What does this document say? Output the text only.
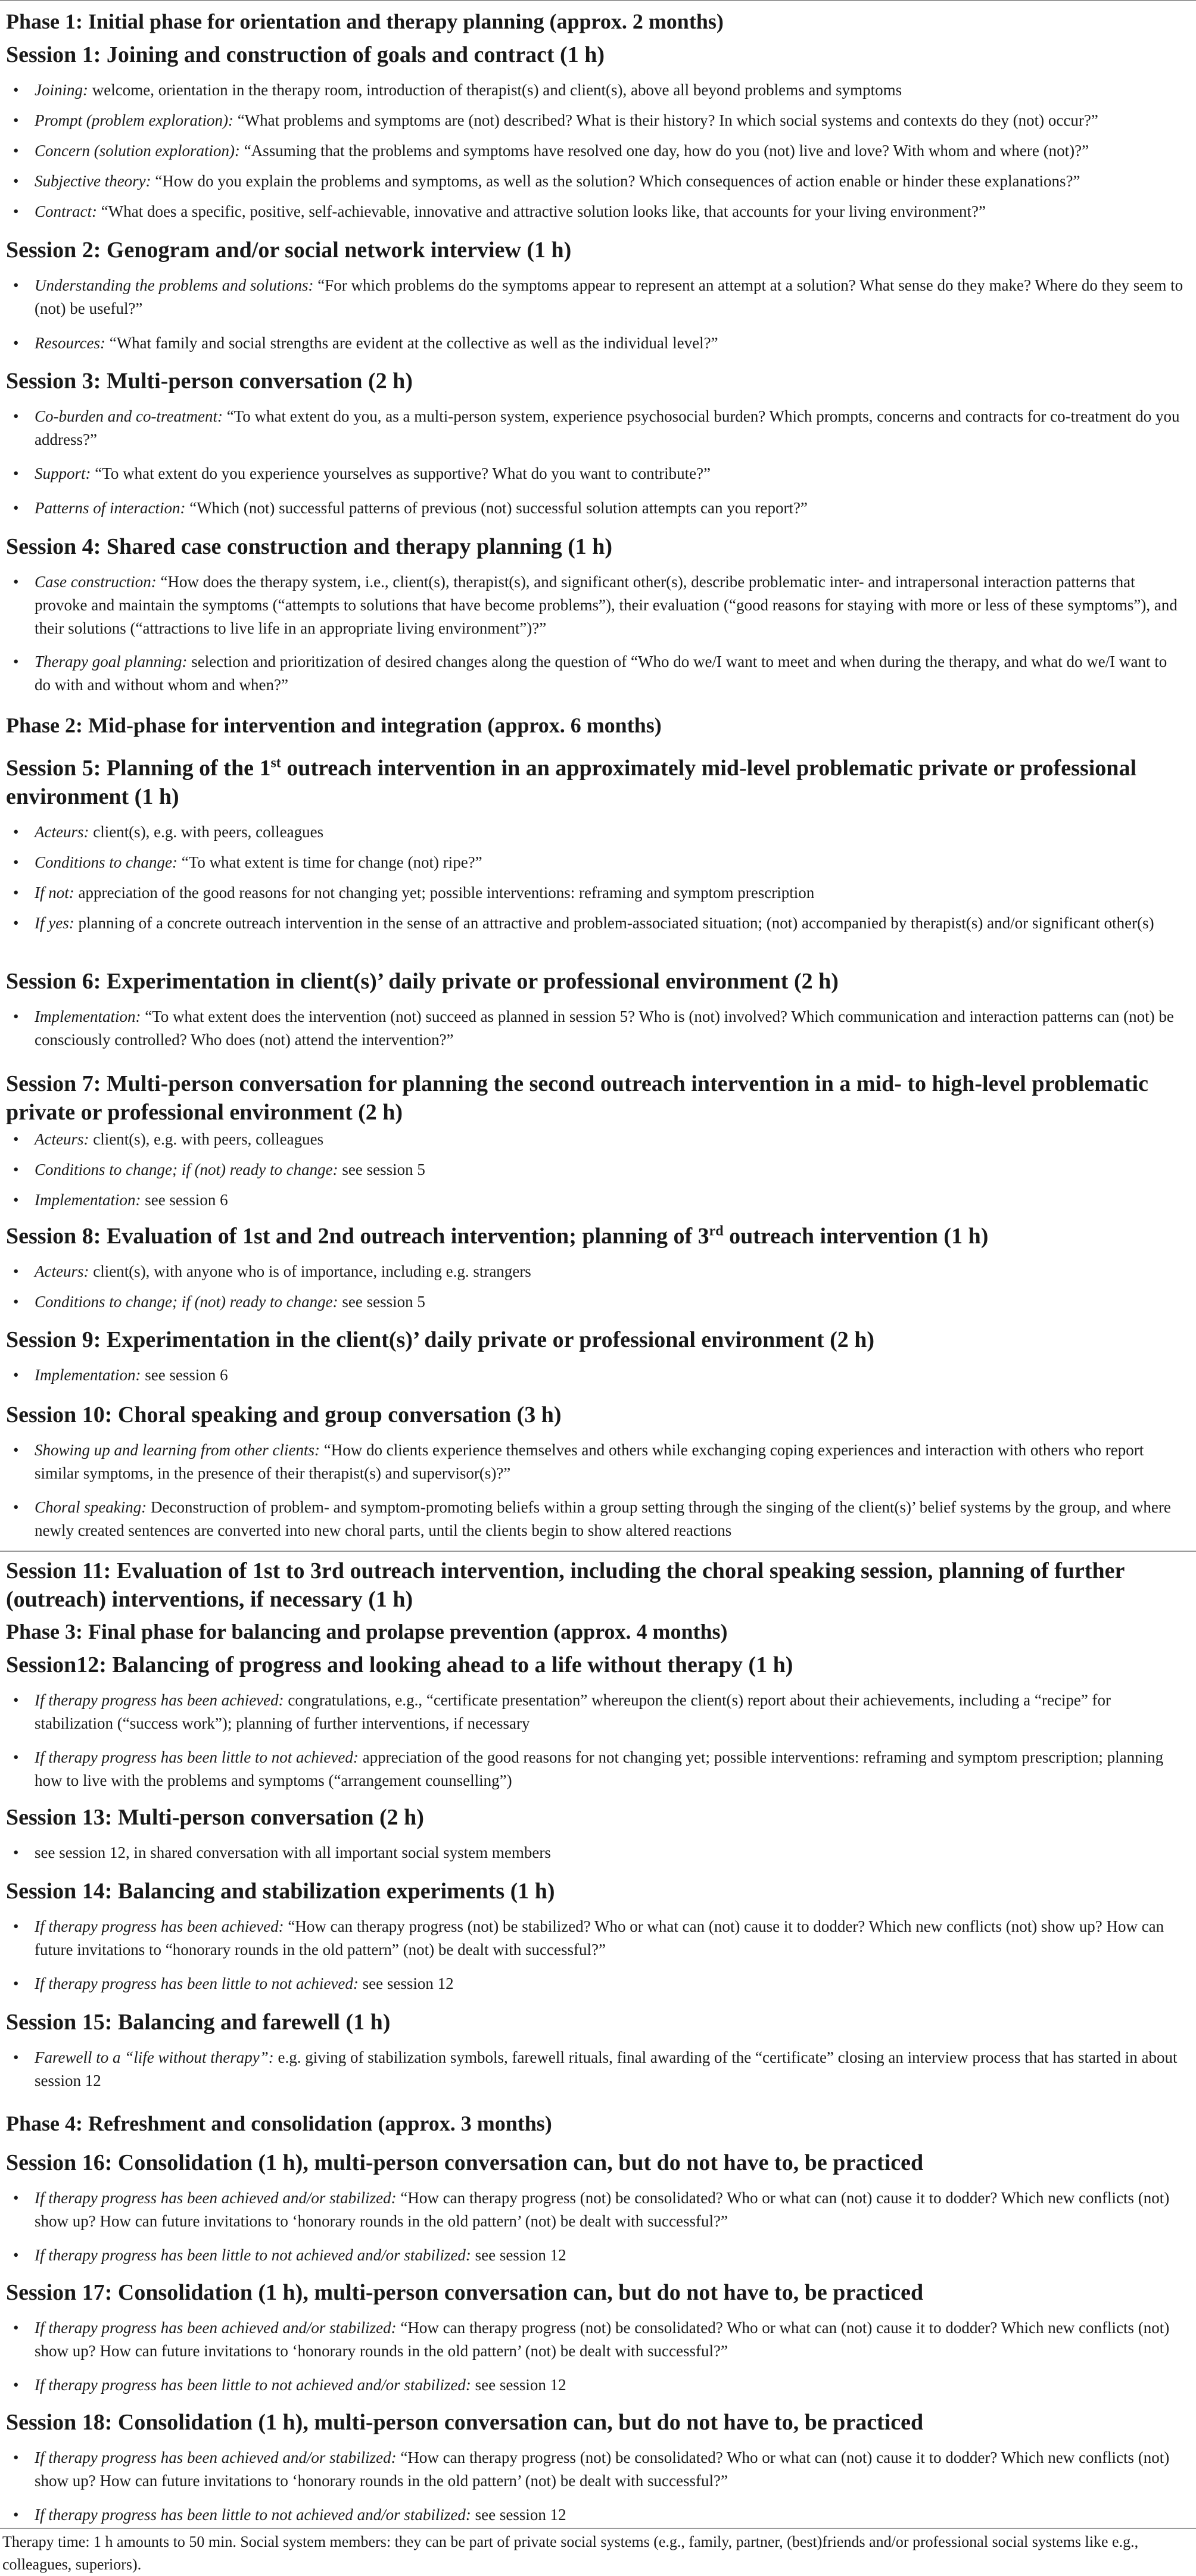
Phase 1: Initial phase for orientation and therapy planning (approx. 2 months)
Session 1: Joining and construction of goals and contract (1 h)
• Joining: welcome, orientation in the therapy room, introduction of therapist(s) and client(s), above all beyond problems and symptoms
• Prompt (problem exploration): “What problems and symptoms are (not) described? What is their history? In which social systems and contexts do they (not) occur?”
• Concern (solution exploration): “Assuming that the problems and symptoms have resolved one day, how do you (not) live and love? With whom and where (not)?”
• Subjective theory: “How do you explain the problems and symptoms, as well as the solution? Which consequences of action enable or hinder these explanations?”
• Contract: “What does a specific, positive, self-achievable, innovative and attractive solution looks like, that accounts for your living environment?”
Session 2: Genogram and/or social network interview (1 h)
• Understanding the problems and solutions: “For which problems do the symptoms appear to represent an attempt at a solution? What sense do they make? Where do they seem to (not) be useful?”
• Resources: “What family and social strengths are evident at the collective as well as the individual level?”
Session 3: Multi-person conversation (2 h)
• Co-burden and co-treatment: “To what extent do you, as a multi-person system, experience psychosocial burden? Which prompts, concerns and contracts for co-treatment do you address?”
• Support: “To what extent do you experience yourselves as supportive? What do you want to contribute?”
• Patterns of interaction: “Which (not) successful patterns of previous (not) successful solution attempts can you report?”
Session 4: Shared case construction and therapy planning (1 h)
• Case construction: “How does the therapy system, i.e., client(s), therapist(s), and significant other(s), describe problematic inter- and intrapersonal interaction patterns that provoke and maintain the symptoms (“attempts to solutions that have become problems”), their evaluation (“good reasons for staying with more or less of these symptoms”), and their solutions (“attractions to live life in an appropriate living environment”)?”
• Therapy goal planning: selection and prioritization of desired changes along the question of “Who do we/I want to meet and when during the therapy, and what do we/I want to do with and without whom and when?”
Phase 2: Mid-phase for intervention and integration (approx. 6 months)
Session 5: Planning of the 1st outreach intervention in an approximately mid-level problematic private or professional environment (1 h)
• Acteurs: client(s), e.g. with peers, colleagues
• Conditions to change: “To what extent is time for change (not) ripe?”
• If not: appreciation of the good reasons for not changing yet; possible interventions: reframing and symptom prescription
• If yes: planning of a concrete outreach intervention in the sense of an attractive and problem-associated situation; (not) accompanied by therapist(s) and/or significant other(s)
Session 6: Experimentation in client(s)’ daily private or professional environment (2 h)
• Implementation: “To what extent does the intervention (not) succeed as planned in session 5? Who is (not) involved? Which communication and interaction patterns can (not) be consciously controlled? Who does (not) attend the intervention?”
Session 7: Multi-person conversation for planning the second outreach intervention in a mid- to high-level problematic private or professional environment (2 h)
• Acteurs: client(s), e.g. with peers, colleagues
• Conditions to change; if (not) ready to change: see session 5
• Implementation: see session 6
Session 8: Evaluation of 1st and 2nd outreach intervention; planning of 3rd outreach intervention (1 h)
• Acteurs: client(s), with anyone who is of importance, including e.g. strangers
• Conditions to change; if (not) ready to change: see session 5
Session 9: Experimentation in the client(s)’ daily private or professional environment (2 h)
• Implementation: see session 6
Session 10: Choral speaking and group conversation (3 h)
• Showing up and learning from other clients: “How do clients experience themselves and others while exchanging coping experiences and interaction with others who report similar symptoms, in the presence of their therapist(s) and supervisor(s)?”
• Choral speaking: Deconstruction of problem- and symptom-promoting beliefs within a group setting through the singing of the client(s)’ belief systems by the group, and where newly created sentences are converted into new choral parts, until the clients begin to show altered reactions
Session 11: Evaluation of 1st to 3rd outreach intervention, including the choral speaking session, planning of further (outreach) interventions, if necessary (1 h)
Phase 3: Final phase for balancing and prolapse prevention (approx. 4 months)
Session12: Balancing of progress and looking ahead to a life without therapy (1 h)
• If therapy progress has been achieved: congratulations, e.g., “certificate presentation” whereupon the client(s) report about their achievements, including a “recipe” for stabilization (“success work”); planning of further interventions, if necessary
• If therapy progress has been little to not achieved: appreciation of the good reasons for not changing yet; possible interventions: reframing and symptom prescription; planning how to live with the problems and symptoms (“arrangement counselling”)
Session 13: Multi-person conversation (2 h)
• see session 12, in shared conversation with all important social system members
Session 14: Balancing and stabilization experiments (1 h)
• If therapy progress has been achieved: “How can therapy progress (not) be stabilized? Who or what can (not) cause it to dodder? Which new conflicts (not) show up? How can future invitations to “honorary rounds in the old pattern” (not) be dealt with successful?”
• If therapy progress has been little to not achieved: see session 12
Session 15: Balancing and farewell (1 h)
• Farewell to a “life without therapy”: e.g. giving of stabilization symbols, farewell rituals, final awarding of the “certificate” closing an interview process that has started in about session 12
Phase 4: Refreshment and consolidation (approx. 3 months)
Session 16: Consolidation (1 h), multi-person conversation can, but do not have to, be practiced
• If therapy progress has been achieved and/or stabilized: “How can therapy progress (not) be consolidated? Who or what can (not) cause it to dodder? Which new conflicts (not) show up? How can future invitations to ‘honorary rounds in the old pattern’ (not) be dealt with successful?”
• If therapy progress has been little to not achieved and/or stabilized: see session 12
Session 17: Consolidation (1 h), multi-person conversation can, but do not have to, be practiced
• If therapy progress has been achieved and/or stabilized: “How can therapy progress (not) be consolidated? Who or what can (not) cause it to dodder? Which new conflicts (not) show up? How can future invitations to ‘honorary rounds in the old pattern’ (not) be dealt with successful?”
• If therapy progress has been little to not achieved and/or stabilized: see session 12
Session 18: Consolidation (1 h), multi-person conversation can, but do not have to, be practiced
• If therapy progress has been achieved and/or stabilized: “How can therapy progress (not) be consolidated? Who or what can (not) cause it to dodder? Which new conflicts (not) show up? How can future invitations to ‘honorary rounds in the old pattern’ (not) be dealt with successful?”
• If therapy progress has been little to not achieved and/or stabilized: see session 12
Therapy time: 1 h amounts to 50 min. Social system members: they can be part of private social systems (e.g., family, partner, (best)friends and/or professional social systems like e.g., colleagues, superiors).
